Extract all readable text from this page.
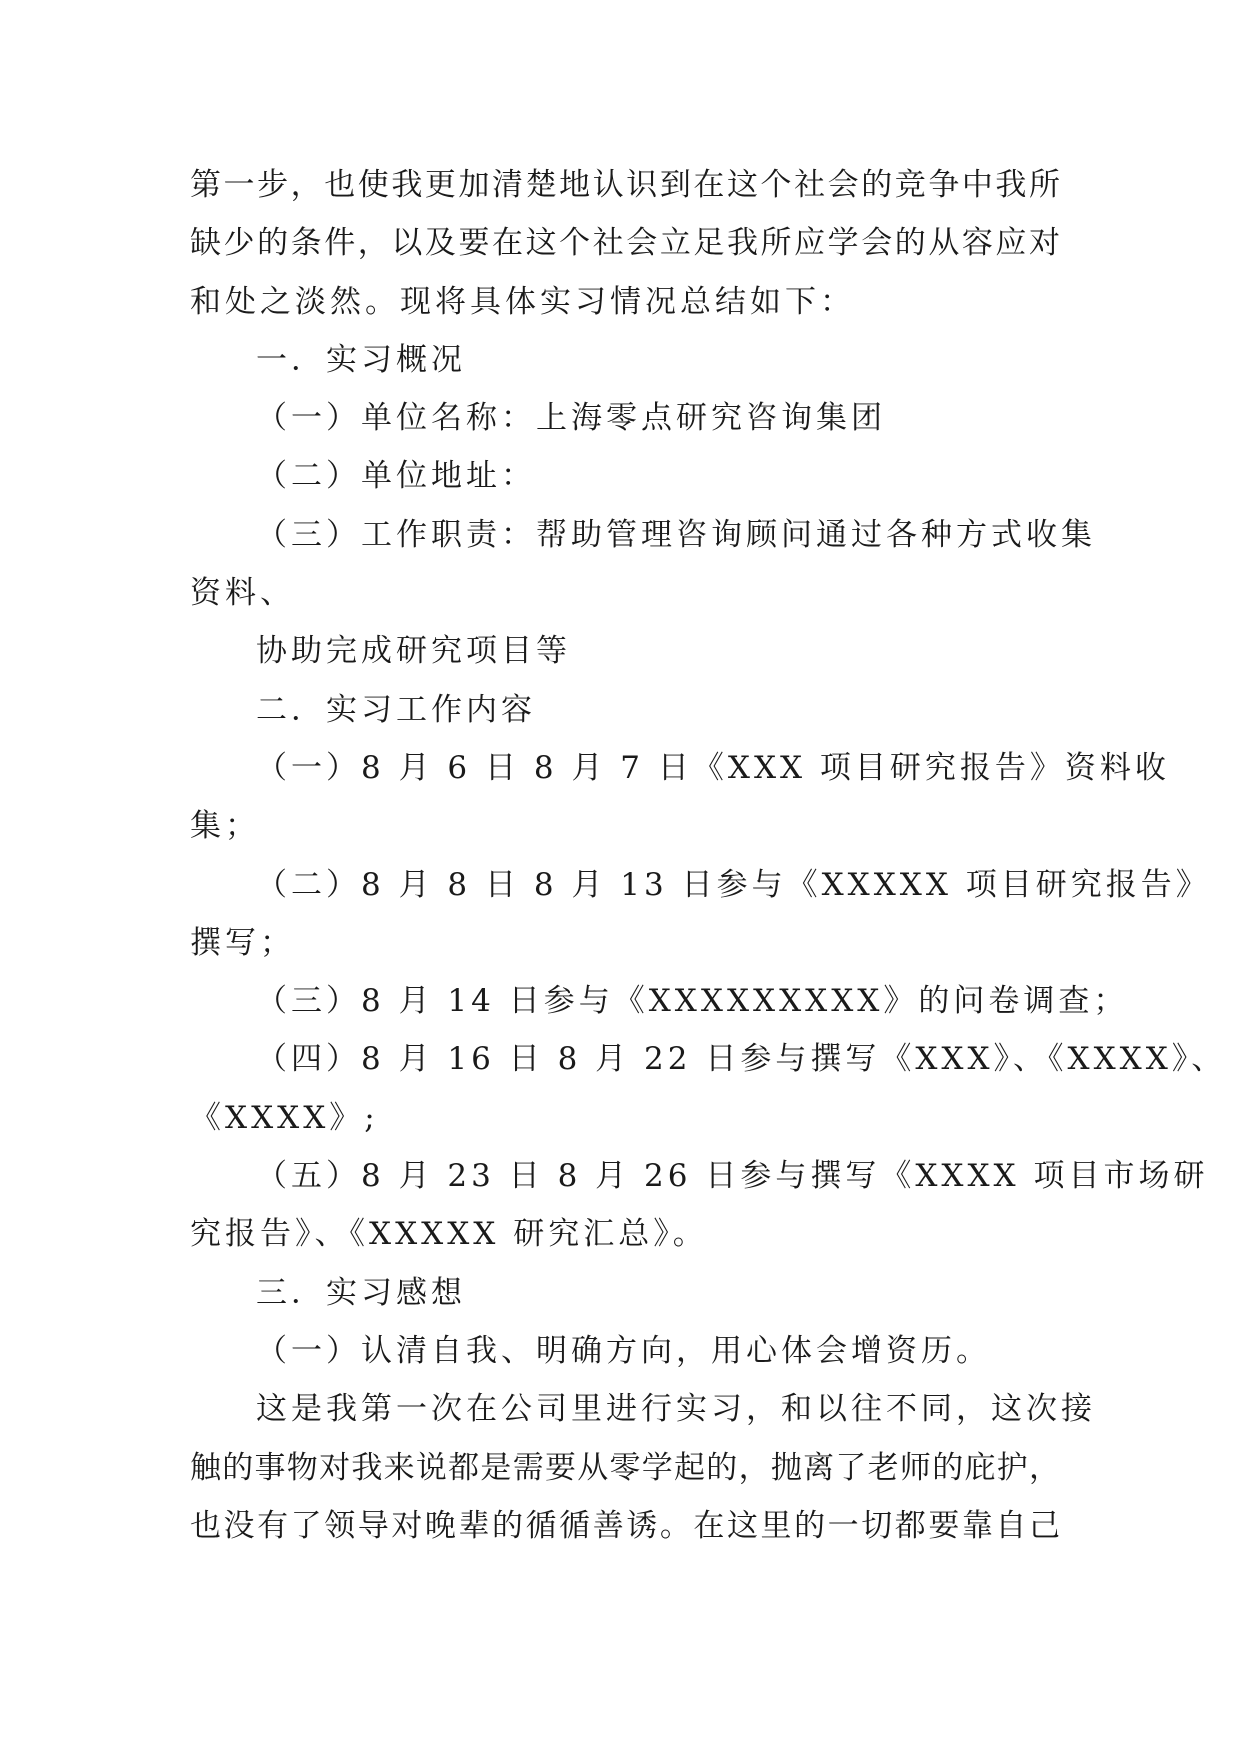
第一步，也使我更加清楚地认识到在这个社会的竞争中我所
缺少的条件，以及要在这个社会立足我所应学会的从容应对
和处之淡然。现将具体实习情况总结如下：
一．实习概况
（一）单位名称：上海零点研究咨询集团
（二）单位地址：
（三）工作职责：帮助管理咨询顾问通过各种方式收集
资料、
协助完成研究项目等
二．实习工作内容
（一）8 月 6 日 8 月 7 日《XXX 项目研究报告》资料收
集；
（二）8 月 8 日 8 月 13 日参与《XXXXX 项目研究报告》
撰写；
（三）8 月 14 日参与《XXXXXXXXX》的问卷调查；
（四）8 月 16 日 8 月 22 日参与撰写《XXX》、《XXXX》、
《XXXX》;
（五）8 月 23 日 8 月 26 日参与撰写《XXXX 项目市场研
究报告》、《XXXXX 研究汇总》。
三．实习感想
（一）认清自我、明确方向，用心体会增资历。
这是我第一次在公司里进行实习，和以往不同，这次接
触的事物对我来说都是需要从零学起的，抛离了老师的庇护，
也没有了领导对晚辈的循循善诱。在这里的一切都要靠自己
